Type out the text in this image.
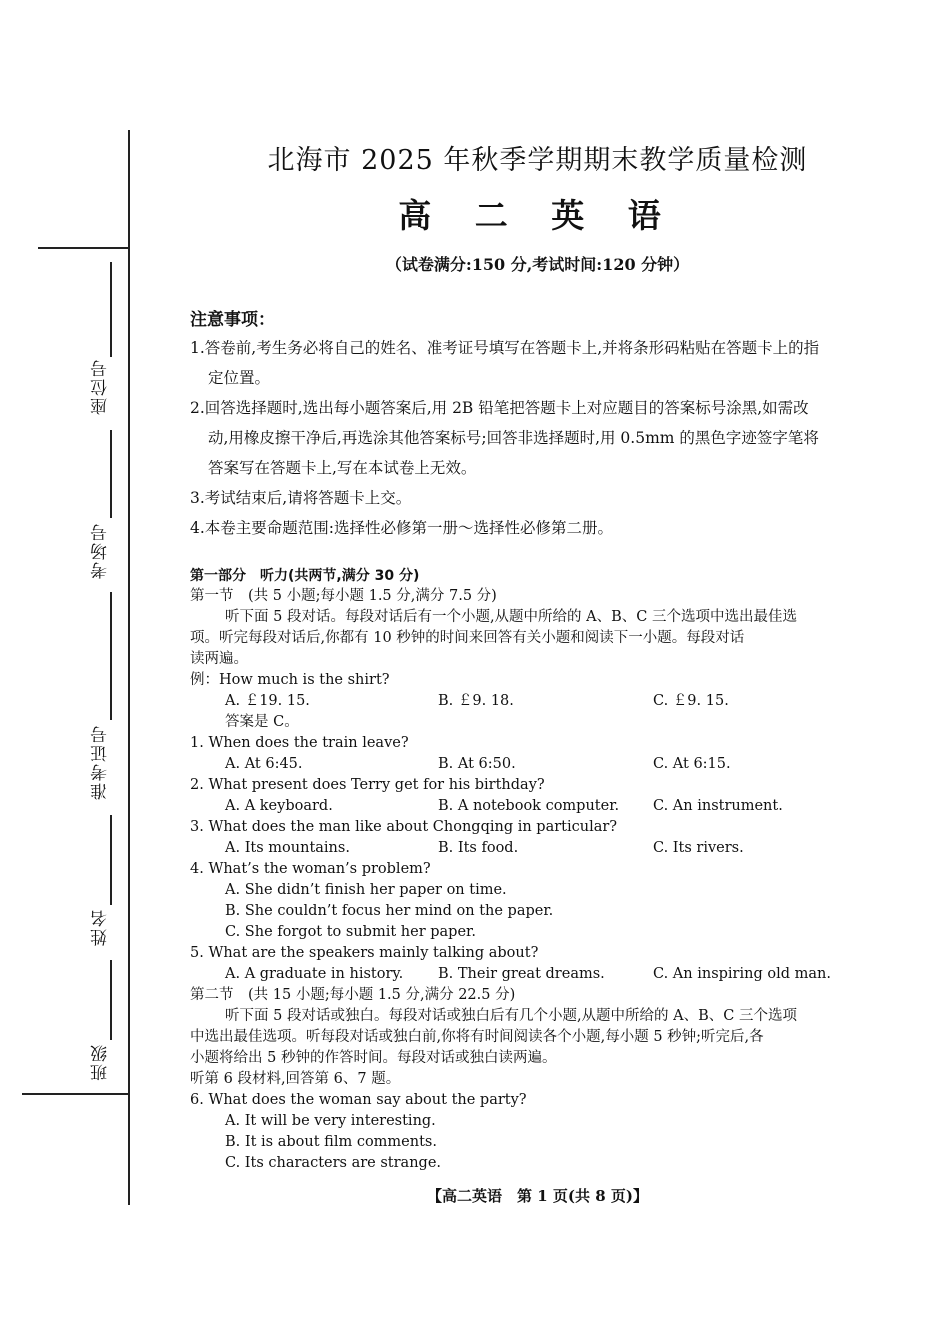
座位号
考场号
准考证号
姓名
班级
北海市 2025 年秋季学期期末教学质量检测
高 二 英 语
（试卷满分:150 分,考试时间:120 分钟）
注意事项：
1.答卷前,考生务必将自己的姓名、准考证号填写在答题卡上,并将条形码粘贴在答题卡上的指
定位置。
2.回答选择题时,选出每小题答案后,用 2B 铅笔把答题卡上对应题目的答案标号涂黑,如需改
动,用橡皮擦干净后,再选涂其他答案标号;回答非选择题时,用 0.5mm 的黑色字迹签字笔将
答案写在答题卡上,写在本试卷上无效。
3.考试结束后,请将答题卡上交。
4.本卷主要命题范围:选择性必修第一册～选择性必修第二册。
第一部分　听力(共两节,满分 30 分)
第一节　(共 5 小题;每小题 1.5 分,满分 7.5 分)
听下面 5 段对话。每段对话后有一个小题,从题中所给的 A、B、C 三个选项中选出最佳选
项。听完每段对话后,你都有 10 秒钟的时间来回答有关小题和阅读下一小题。每段对话
读两遍。
例：How much is the shirt?
A. ￡19. 15.	B. ￡9. 18.	C. ￡9. 15.
答案是 C。
1. When does the train leave?
A. At 6:45.	B. At 6:50.	C. At 6:15.
2. What present does Terry get for his birthday?
A. A keyboard.	B. A notebook computer. C. An instrument.
3. What does the man like about Chongqing in particular?
A. Its mountains.	B. Its food.	C. Its rivers.
4. What’s the woman’s problem?
A. She didn’t finish her paper on time.
B. She couldn’t focus her mind on the paper.
C. She forgot to submit her paper.
5. What are the speakers mainly talking about?
A. A graduate in history. B. Their great dreams.	C. An inspiring old man.
第二节　(共 15 小题;每小题 1.5 分,满分 22.5 分)
听下面 5 段对话或独白。每段对话或独白后有几个小题,从题中所给的 A、B、C 三个选项
中选出最佳选项。听每段对话或独白前,你将有时间阅读各个小题,每小题 5 秒钟;听完后,各
小题将给出 5 秒钟的作答时间。每段对话或独白读两遍。
听第 6 段材料,回答第 6、7 题。
6. What does the woman say about the party?
A. It will be very interesting.
B. It is about film comments.
C. Its characters are strange.
【高二英语　第 1 页(共 8 页)】
